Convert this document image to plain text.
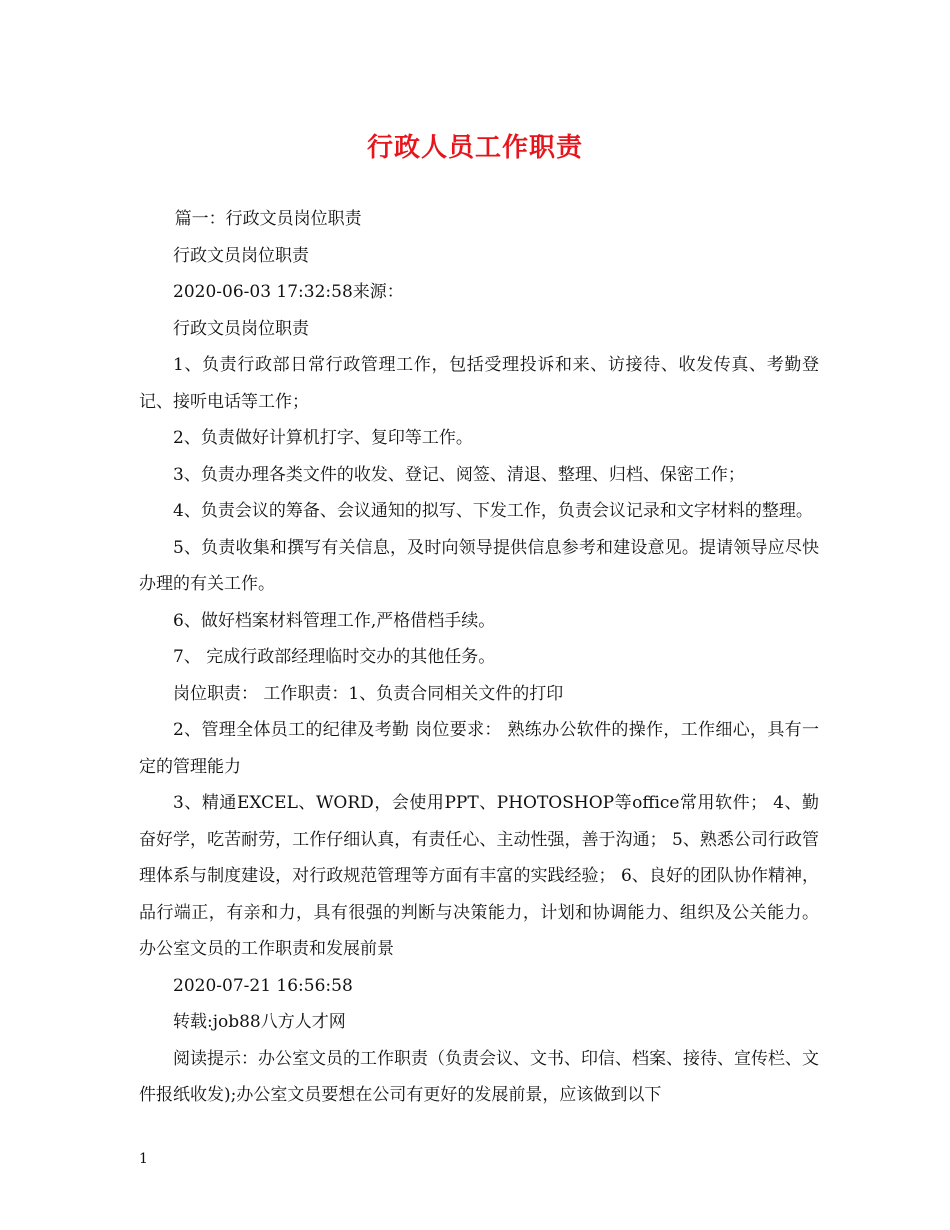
行政人员工作职责

篇一：行政文员岗位职责

行政文员岗位职责

2020-06-03 17:32:58来源：

行政文员岗位职责

1、负责行政部日常行政管理工作，包括受理投诉和来、访接待、收发传真、考勤登记、接听电话等工作；

2、负责做好计算机打字、复印等工作。

3、负责办理各类文件的收发、登记、阅签、清退、整理、归档、保密工作；

4、负责会议的筹备、会议通知的拟写、下发工作，负责会议记录和文字材料的整理。

5、负责收集和撰写有关信息，及时向领导提供信息参考和建设意见。提请领导应尽快办理的有关工作。

6、做好档案材料管理工作,严格借档手续。

7、 完成行政部经理临时交办的其他任务。

岗位职责： 工作职责：1、负责合同相关文件的打印

2、管理全体员工的纪律及考勤 岗位要求： 熟练办公软件的操作，工作细心，具有一定的管理能力

3、精通EXCEL、WORD，会使用PPT、PHOTOSHOP等office常用软件； 4、勤奋好学，吃苦耐劳，工作仔细认真，有责任心、主动性强，善于沟通； 5、熟悉公司行政管理体系与制度建设，对行政规范管理等方面有丰富的实践经验； 6、良好的团队协作精神，品行端正，有亲和力，具有很强的判断与决策能力，计划和协调能力、组织及公关能力。 办公室文员的工作职责和发展前景

2020-07-21 16:56:58

转载:job88八方人才网

阅读提示：办公室文员的工作职责（负责会议、文书、印信、档案、接待、宣传栏、文件报纸收发);办公室文员要想在公司有更好的发展前景，应该做到以下

1
